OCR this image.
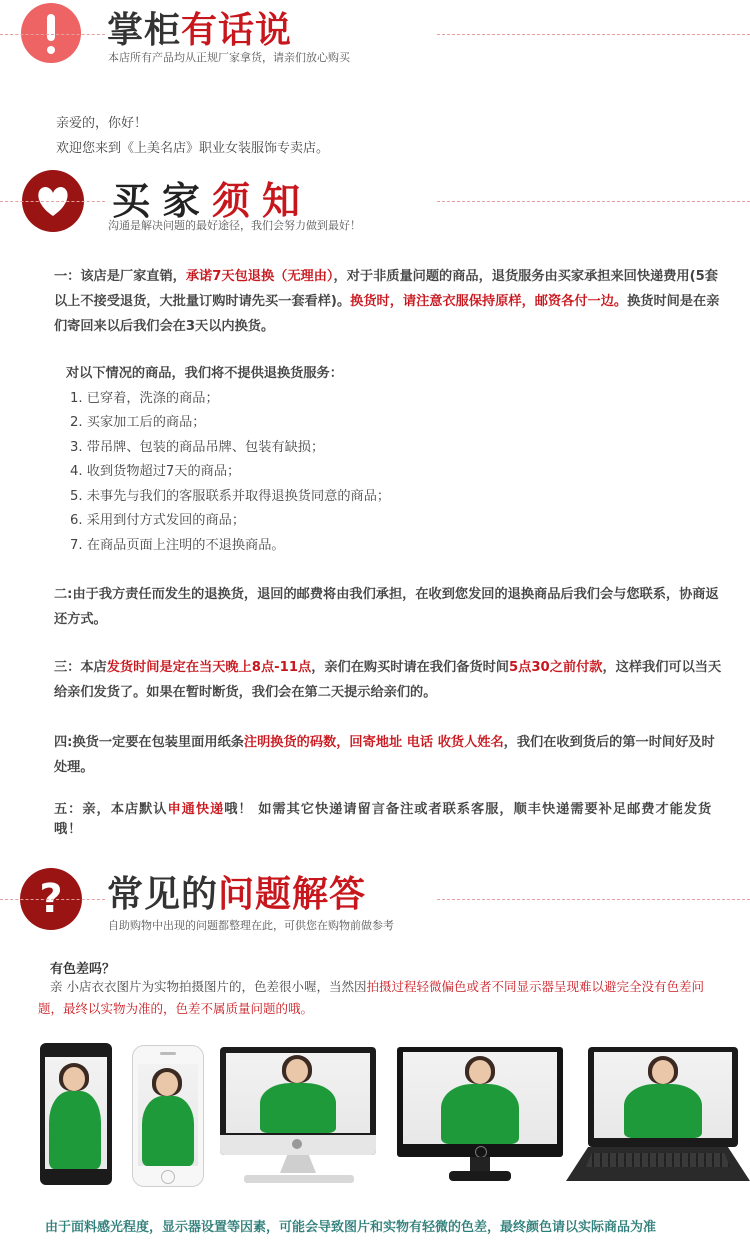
掌柜有话说
本店所有产品均从正规厂家拿货，请亲们放心购买
亲爱的，你好！
欢迎您来到《上美名店》职业女装服饰专卖店。
买家须知
沟通是解决问题的最好途径，我们会努力做到最好！
一：该店是厂家直销，承诺7天包退换（无理由），对于非质量问题的商品，退货服务由买家承担来回快递费用(5套以上不接受退货，大批量订购时请先买一套看样)。换货时，请注意衣服保持原样，邮资各付一边。换货时间是在亲们寄回来以后我们会在3天以内换货。
对以下情况的商品，我们将不提供退换货服务：
1. 已穿着，洗涤的商品；
2. 买家加工后的商品；
3. 带吊牌、包装的商品吊牌、包装有缺损；
4. 收到货物超过7天的商品；
5. 未事先与我们的客服联系并取得退换货同意的商品；
6. 采用到付方式发回的商品；
7. 在商品页面上注明的不退换商品。
二:由于我方责任而发生的退换货，退回的邮费将由我们承担，在收到您发回的退换商品后我们会与您联系，协商返还方式。
三：本店发货时间是定在当天晚上8点-11点，亲们在购买时请在我们备货时间5点30之前付款，这样我们可以当天给亲们发货了。如果在暂时断货，我们会在第二天提示给亲们的。
四:换货一定要在包装里面用纸条注明换货的码数，回寄地址 电话 收货人姓名，我们在收到货后的第一时间好及时处理。
五：亲，本店默认申通快递哦！ 如需其它快递请留言备注或者联系客服，顺丰快递需要补足邮费才能发货哦！
?	常见的问题解答
自助购物中出现的问题都整理在此，可供您在购物前做参考
有色差吗？
亲 小店衣衣图片为实物拍摄图片的，色差很小喔，当然因拍摄过程轻微偏色或者不同显示器呈现难以避完全没有色差问题，最终以实物为准的，色差不属质量问题的哦。
由于面料感光程度，显示器设置等因素，可能会导致图片和实物有轻微的色差，最终颜色请以实际商品为准
